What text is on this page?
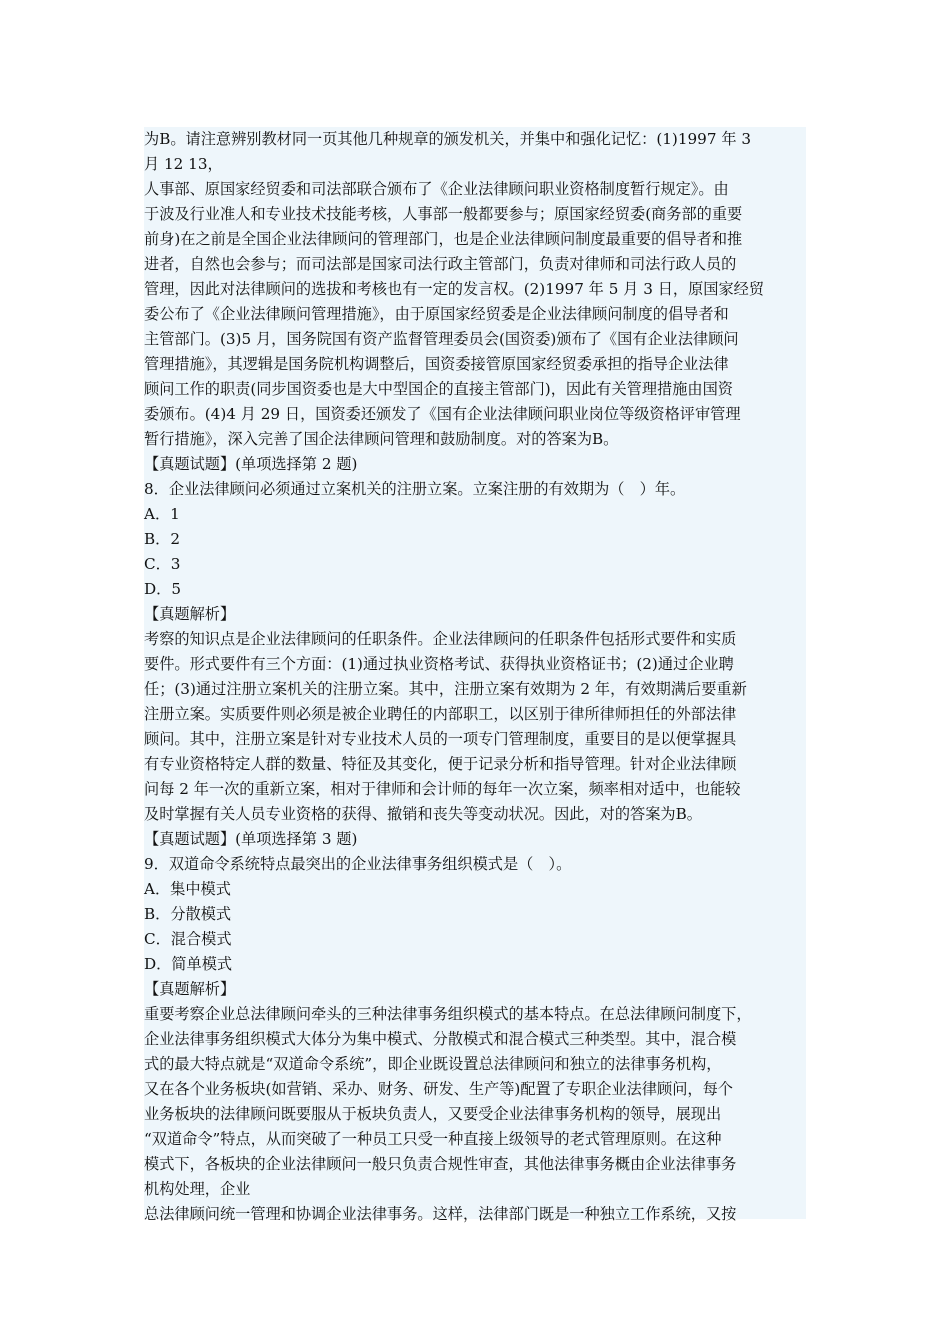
为B。请注意辨别教材同一页其他几种规章的颁发机关，并集中和强化记忆：(1)1997 年 3
月 12 13，
人事部、原国家经贸委和司法部联合颁布了《企业法律顾问职业资格制度暂行规定》。由
于波及行业准人和专业技术技能考核，人事部一般都要参与；原国家经贸委(商务部的重要
前身)在之前是全国企业法律顾问的管理部门，也是企业法律顾问制度最重要的倡导者和推
进者，自然也会参与；而司法部是国家司法行政主管部门，负责对律师和司法行政人员的
管理，因此对法律顾问的选拔和考核也有一定的发言权。(2)1997 年 5 月 3 日，原国家经贸
委公布了《企业法律顾问管理措施》，由于原国家经贸委是企业法律顾问制度的倡导者和
主管部门。(3)5 月，国务院国有资产监督管理委员会(国资委)颁布了《国有企业法律顾问
管理措施》，其逻辑是国务院机构调整后，国资委接管原国家经贸委承担的指导企业法律
顾问工作的职责(同步国资委也是大中型国企的直接主管部门)，因此有关管理措施由国资
委颁布。(4)4 月 29 日，国资委还颁发了《国有企业法律顾问职业岗位等级资格评审管理
暂行措施》，深入完善了国企法律顾问管理和鼓励制度。对的答案为B。
【真题试题】(单项选择第 2 题)
8．企业法律顾问必须通过立案机关的注册立案。立案注册的有效期为（　）年。
A．1
B．2
C．3
D．5
【真题解析】
考察的知识点是企业法律顾问的任职条件。企业法律顾问的任职条件包括形式要件和实质
要件。形式要件有三个方面：(1)通过执业资格考试、获得执业资格证书；(2)通过企业聘
任；(3)通过注册立案机关的注册立案。其中，注册立案有效期为 2 年，有效期满后要重新
注册立案。实质要件则必须是被企业聘任的内部职工，以区别于律所律师担任的外部法律
顾问。其中，注册立案是针对专业技术人员的一项专门管理制度，重要目的是以便掌握具
有专业资格特定人群的数量、特征及其变化，便于记录分析和指导管理。针对企业法律顾
问每 2 年一次的重新立案，相对于律师和会计师的每年一次立案，频率相对适中，也能较
及时掌握有关人员专业资格的获得、撤销和丧失等变动状况。因此，对的答案为B。
【真题试题】(单项选择第 3 题)
9．双道命令系统特点最突出的企业法律事务组织模式是（　）。
A．集中模式
B．分散模式
C．混合模式
D．简单模式
【真题解析】
重要考察企业总法律顾问牵头的三种法律事务组织模式的基本特点。在总法律顾问制度下，
企业法律事务组织模式大体分为集中模式、分散模式和混合模式三种类型。其中，混合模
式的最大特点就是“双道命令系统”，即企业既设置总法律顾问和独立的法律事务机构，
又在各个业务板块(如营销、采办、财务、研发、生产等)配置了专职企业法律顾问，每个
业务板块的法律顾问既要服从于板块负责人，又要受企业法律事务机构的领导，展现出
“双道命令”特点，从而突破了一种员工只受一种直接上级领导的老式管理原则。在这种
模式下，各板块的企业法律顾问一般只负责合规性审查，其他法律事务概由企业法律事务
机构处理，企业
总法律顾问统一管理和协调企业法律事务。这样，法律部门既是一种独立工作系统，又按
